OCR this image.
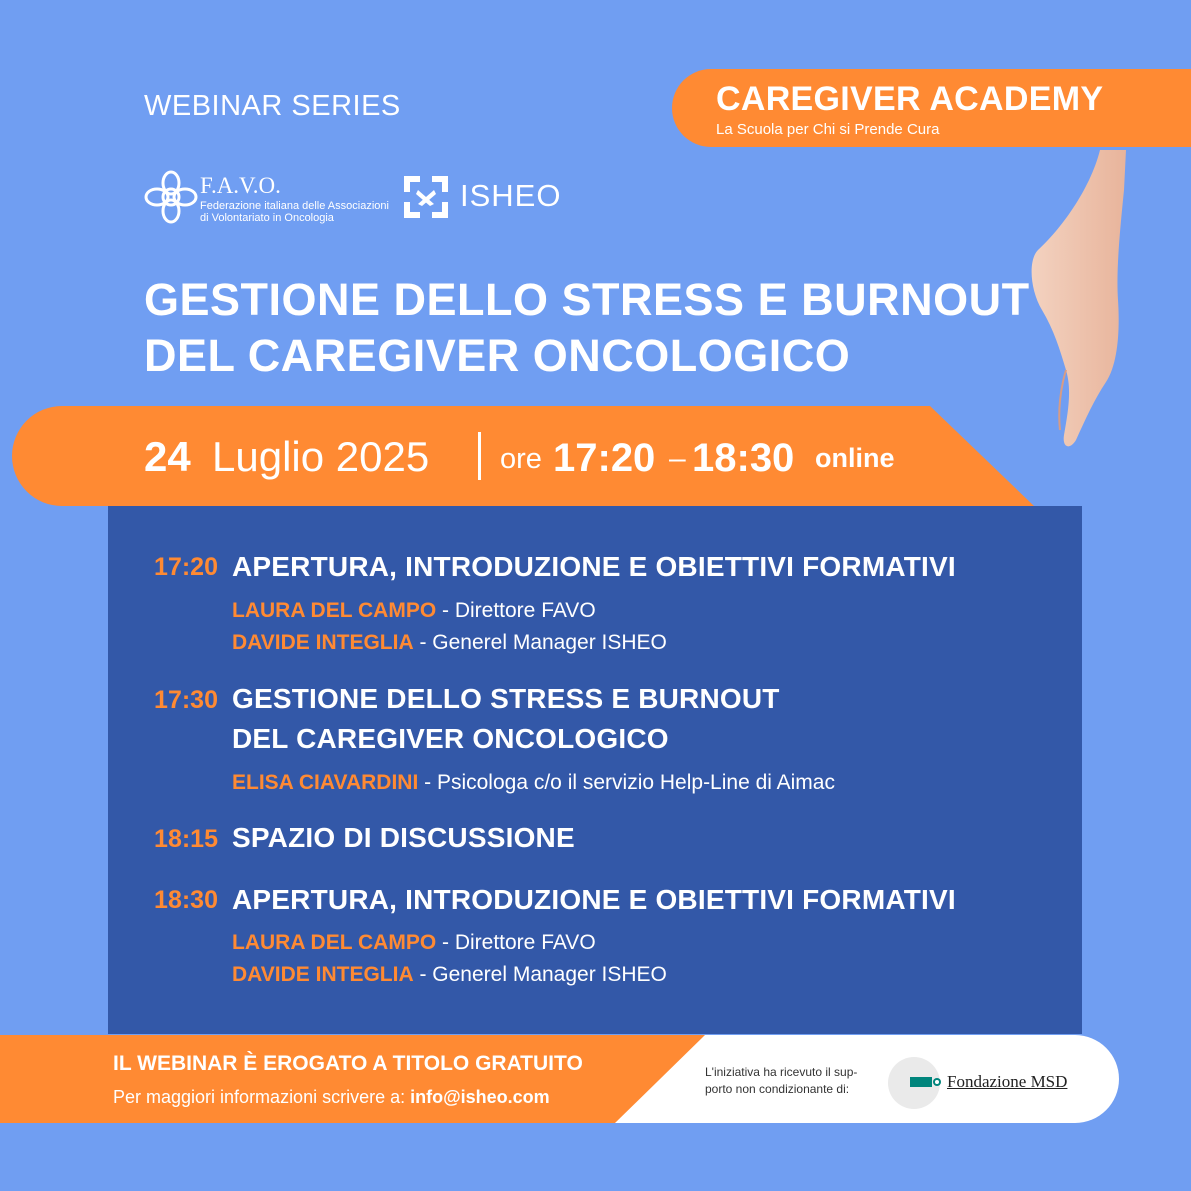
WEBINAR SERIES	CAREGIVER ACADEMY
La Scuola per Chi si Prende Cura
F.A.V.O.
Federazione italiana delle Associazioni
di Volontariato in Oncologia
ISHEO
GESTIONE DELLO STRESS E BURNOUT
DEL CAREGIVER ONCOLOGICO
24 Luglio 2025 ore 17:20 – 18:30 online
17:20 APERTURA, INTRODUZIONE E OBIETTIVI FORMATIVI
LAURA DEL CAMPO - Direttore FAVO
DAVIDE INTEGLIA - Generel Manager ISHEO
17:30 GESTIONE DELLO STRESS E BURNOUT
DEL CAREGIVER ONCOLOGICO
ELISA CIAVARDINI - Psicologa c/o il servizio Help-Line di Aimac
18:15 SPAZIO DI DISCUSSIONE
18:30 APERTURA, INTRODUZIONE E OBIETTIVI FORMATIVI
LAURA DEL CAMPO - Direttore FAVO
DAVIDE INTEGLIA - Generel Manager ISHEO
IL WEBINAR È EROGATO A TITOLO GRATUITO
Per maggiori informazioni scrivere a: info@isheo.com
L'iniziativa ha ricevuto il sup-
porto non condizionante di:	Fondazione MSD
